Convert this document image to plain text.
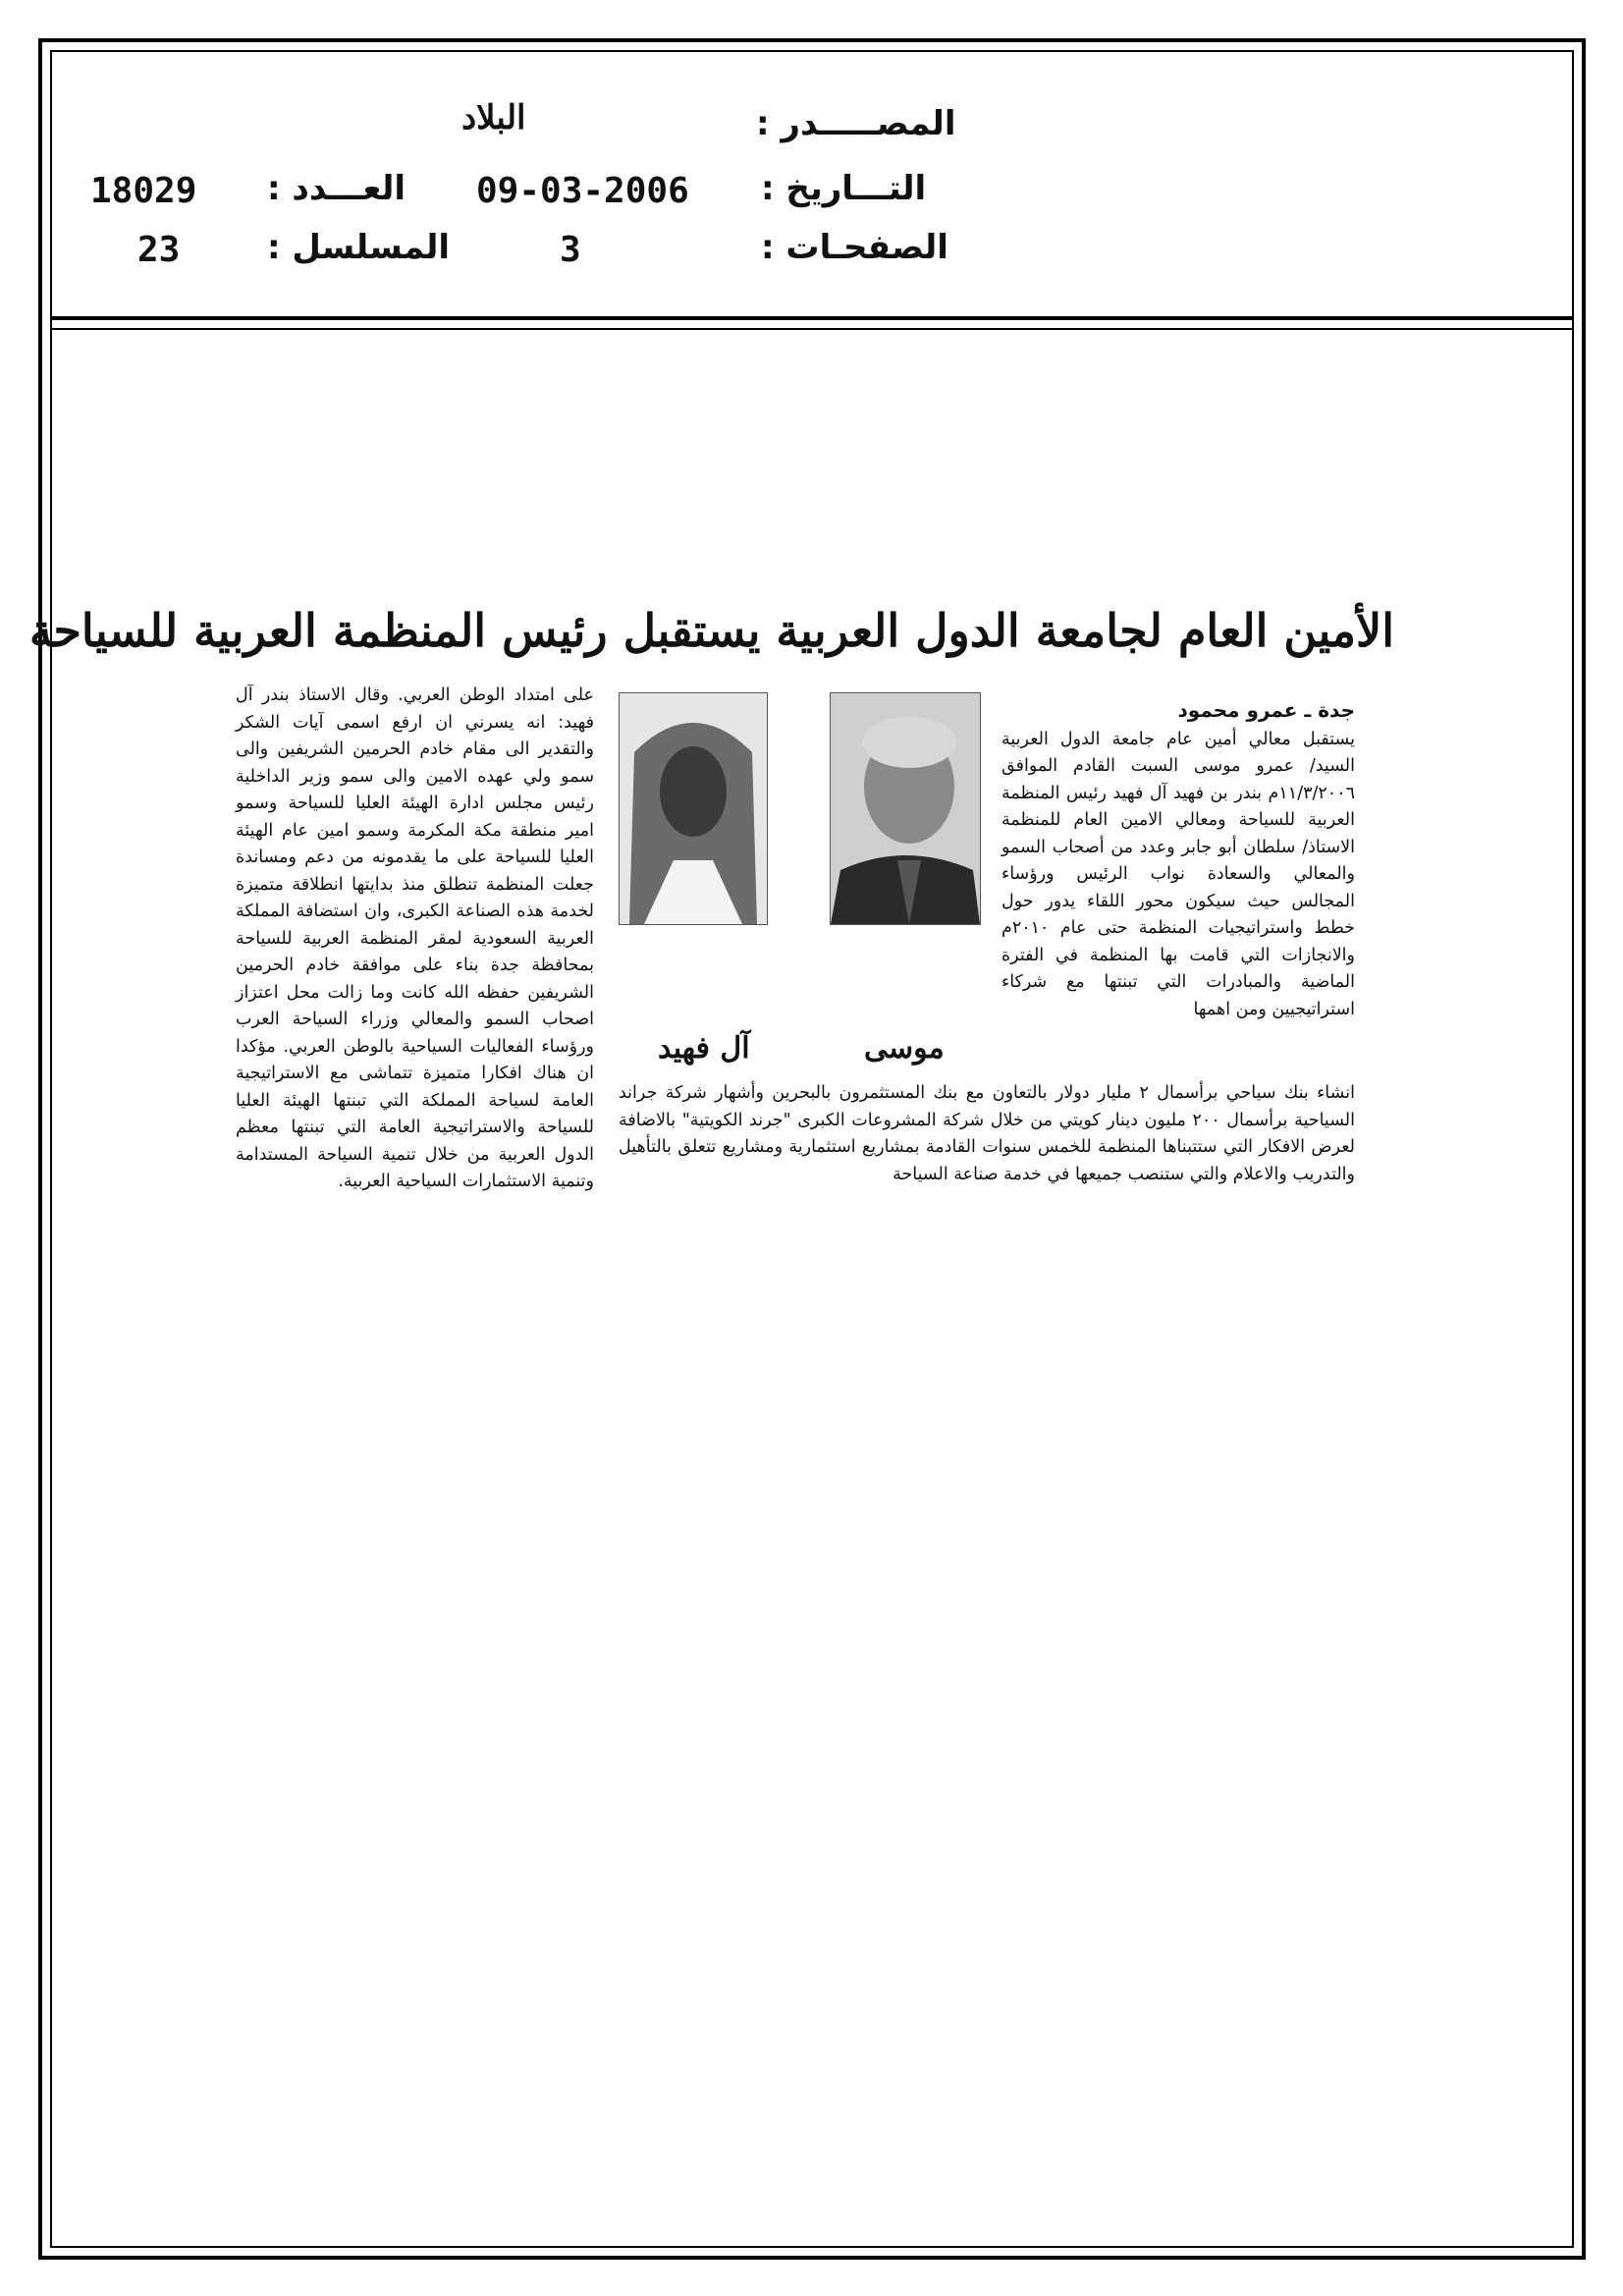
المصـــــدر :
البلاد
التـــاريخ :
09-03-2006
العـــدد :
18029
الصفحـات :
3
المسلسل :
23
الأمين العام لجامعة الدول العربية يستقبل رئيس المنظمة العربية للسياحة
جدة ـ عمرو محمود
يستقبل معالي أمين عام جامعة الدول العربية السيد/ عمرو موسى السبت القادم الموافق ١١/٣/٢٠٠٦م بندر بن فهيد آل فهيد رئيس المنظمة العربية للسياحة ومعالي الامين العام للمنظمة الاستاذ/ سلطان أبو جابر وعدد من أصحاب السمو والمعالي والسعادة نواب الرئيس ورؤساء المجالس حيث سيكون محور اللقاء يدور حول خطط واستراتيجيات المنظمة حتى عام ٢٠١٠م والانجازات التي قامت بها المنظمة في الفترة الماضية والمبادرات التي تبنتها مع شركاء استراتيجيين ومن اهمها
موسى
آل فهيد
انشاء بنك سياحي برأسمال ٢ مليار دولار بالتعاون مع بنك المستثمرون بالبحرين وأشهار شركة جراند السياحية برأسمال ٢٠٠ مليون دينار كويتي من خلال شركة المشروعات الكبرى "جرند الكويتية" بالاضافة لعرض الافكار التي ستتبناها المنظمة للخمس سنوات القادمة بمشاريع استثمارية ومشاريع تتعلق بالتأهيل والتدريب والاعلام والتي ستنصب جميعها في خدمة صناعة السياحة
على امتداد الوطن العربي. وقال الاستاذ بندر آل فهيد: انه يسرني ان ارفع اسمى آيات الشكر والتقدير الى مقام خادم الحرمين الشريفين والى سمو ولي عهده الامين والى سمو وزير الداخلية رئيس مجلس ادارة الهيئة العليا للسياحة وسمو امير منطقة مكة المكرمة وسمو امين عام الهيئة العليا للسياحة على ما يقدمونه من دعم ومساندة جعلت المنظمة تنطلق منذ بدايتها انطلاقة متميزة لخدمة هذه الصناعة الكبرى، وان استضافة المملكة العربية السعودية لمقر المنظمة العربية للسياحة بمحافظة جدة بناء على موافقة خادم الحرمين الشريفين حفظه الله كانت وما زالت محل اعتزاز اصحاب السمو والمعالي وزراء السياحة العرب ورؤساء الفعاليات السياحية بالوطن العربي. مؤكدا ان هناك افكارا متميزة تتماشى مع الاستراتيجية العامة لسياحة المملكة التي تبنتها الهيئة العليا للسياحة والاستراتيجية العامة التي تبنتها معظم الدول العربية من خلال تنمية السياحة المستدامة وتنمية الاستثمارات السياحية العربية.
